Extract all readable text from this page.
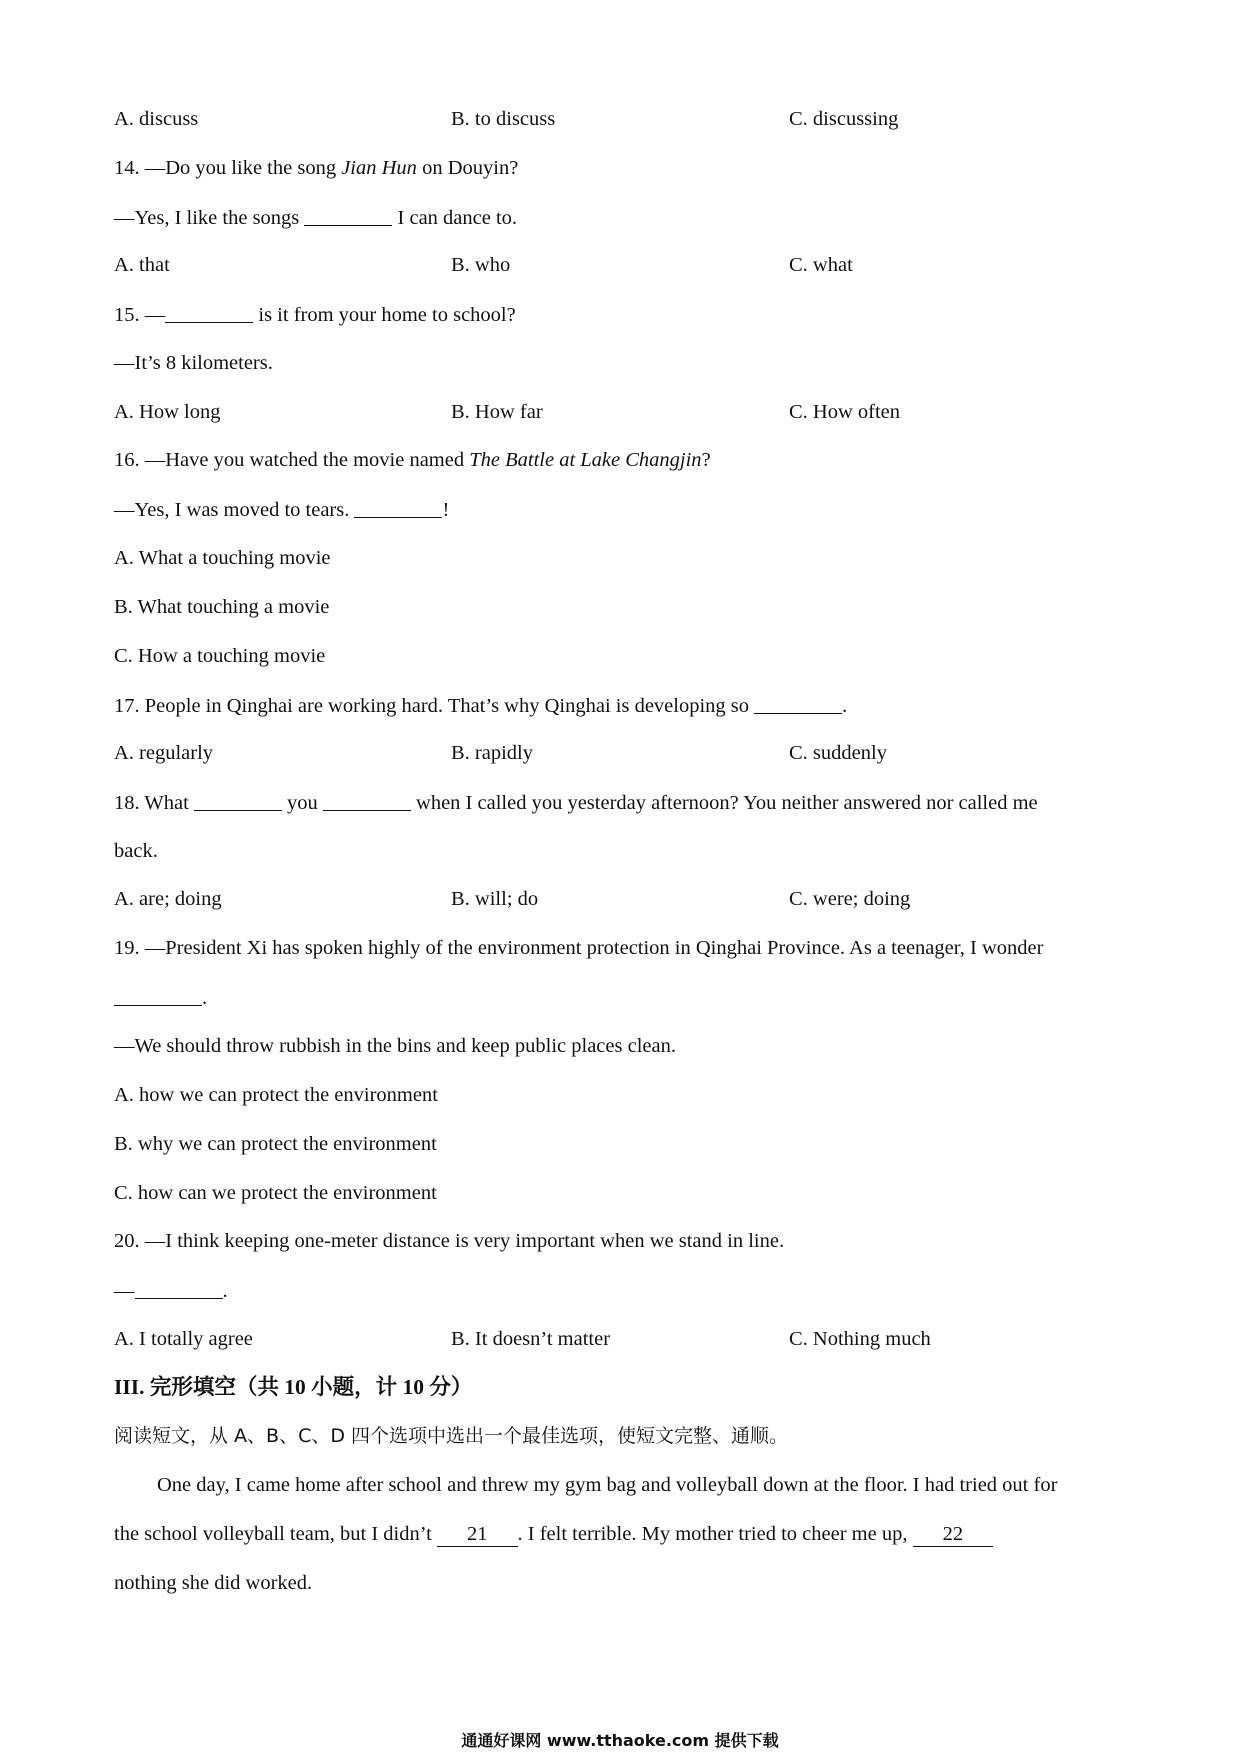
A. discuss	B. to discuss	C. discussing
14. —Do you like the song Jian Hun on Douyin?
—Yes, I like the songs	I can dance to.
A. that	B. who	C. what
15. —	is it from your home to school?
—It’s 8 kilometers.
A. How long	B. How far	C. How often
16. —Have you watched the movie named The Battle at Lake Changjin?
—Yes, I was moved to tears.	!
A. What a touching movie
B. What touching a movie
C. How a touching movie
17. People in Qinghai are working hard. That’s why Qinghai is developing so	.
A. regularly	B. rapidly	C. suddenly
18. What	you	when I called you yesterday afternoon? You neither answered nor called me
back.
A. are; doing	B. will; do	C. were; doing
19. —President Xi has spoken highly of the environment protection in Qinghai Province. As a teenager, I wonder
.
—We should throw rubbish in the bins and keep public places clean.
A. how we can protect the environment
B. why we can protect the environment
C. how can we protect the environment
20. —I think keeping one-meter distance is very important when we stand in line.
—	.
A. I totally agree	B. It doesn’t matter	C. Nothing much
III. 完形填空（共 10 小题，计 10 分）
阅读短文，从 A、B、C、D 四个选项中选出一个最佳选项，使短文完整、通顺。
One day, I came home after school and threw my gym bag and volleyball down at the floor. I had tried out for
the school volleyball team, but I didn’t 21 . I felt terrible. My mother tried to cheer me up, 22
nothing she did worked.
通通好课网 www.tthaoke.com 提供下载
